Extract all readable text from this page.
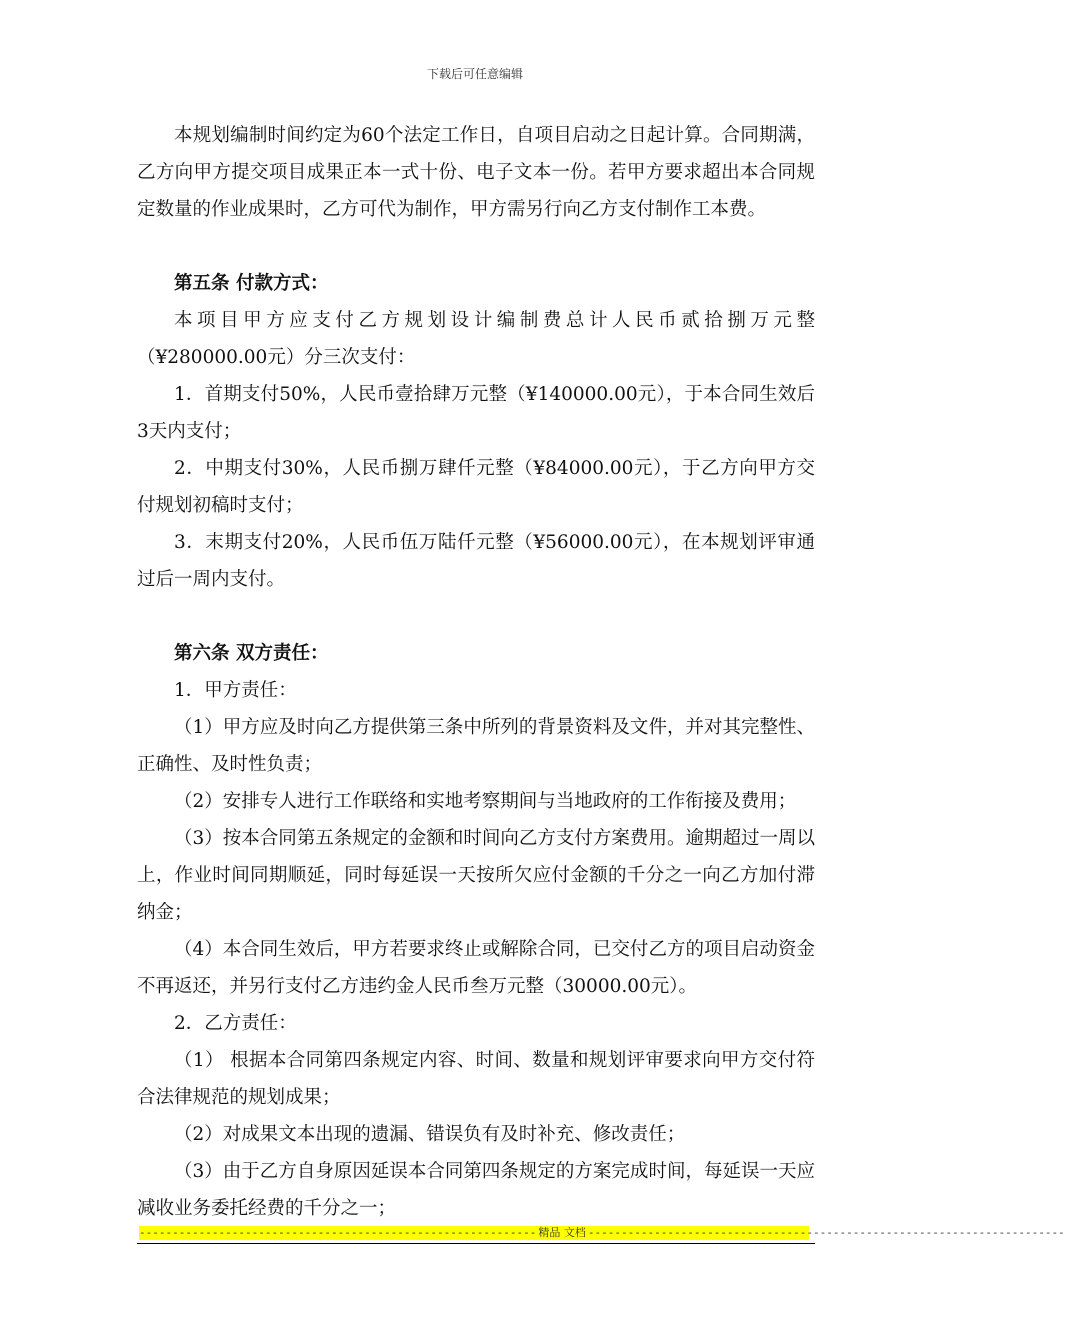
下载后可任意编辑

本规划编制时间约定为60个法定工作日，自项目启动之日起计算。合同期满，乙方向甲方提交项目成果正本一式十份、电子文本一份。若甲方要求超出本合同规定数量的作业成果时，乙方可代为制作，甲方需另行向乙方支付制作工本费。

第五条 付款方式：

本项目甲方应支付乙方规划设计编制费总计人民币贰拾捌万元整（¥280000.00元）分三次支付：

1．首期支付50%，人民币壹拾肆万元整（¥140000.00元），于本合同生效后3天内支付；

2．中期支付30%，人民币捌万肆仟元整（¥84000.00元），于乙方向甲方交付规划初稿时支付；

3．末期支付20%，人民币伍万陆仟元整（¥56000.00元），在本规划评审通过后一周内支付。

第六条 双方责任：

1．甲方责任：

（1）甲方应及时向乙方提供第三条中所列的背景资料及文件，并对其完整性、正确性、及时性负责；

（2）安排专人进行工作联络和实地考察期间与当地政府的工作衔接及费用；

（3）按本合同第五条规定的金额和时间向乙方支付方案费用。逾期超过一周以上，作业时间同期顺延，同时每延误一天按所欠应付金额的千分之一向乙方加付滞纳金；

（4）本合同生效后，甲方若要求终止或解除合同，已交付乙方的项目启动资金不再返还，并另行支付乙方违约金人民币叁万元整（30000.00元）。

2．乙方责任：

（1） 根据本合同第四条规定内容、时间、数量和规划评审要求向甲方交付符合法律规范的规划成果；

（2）对成果文本出现的遗漏、错误负有及时补充、修改责任；

（3）由于乙方自身原因延误本合同第四条规定的方案完成时间，每延误一天应减收业务委托经费的千分之一；

------------------------------------------------------------ 精品 文档 ------------------------------------------------------------------------
